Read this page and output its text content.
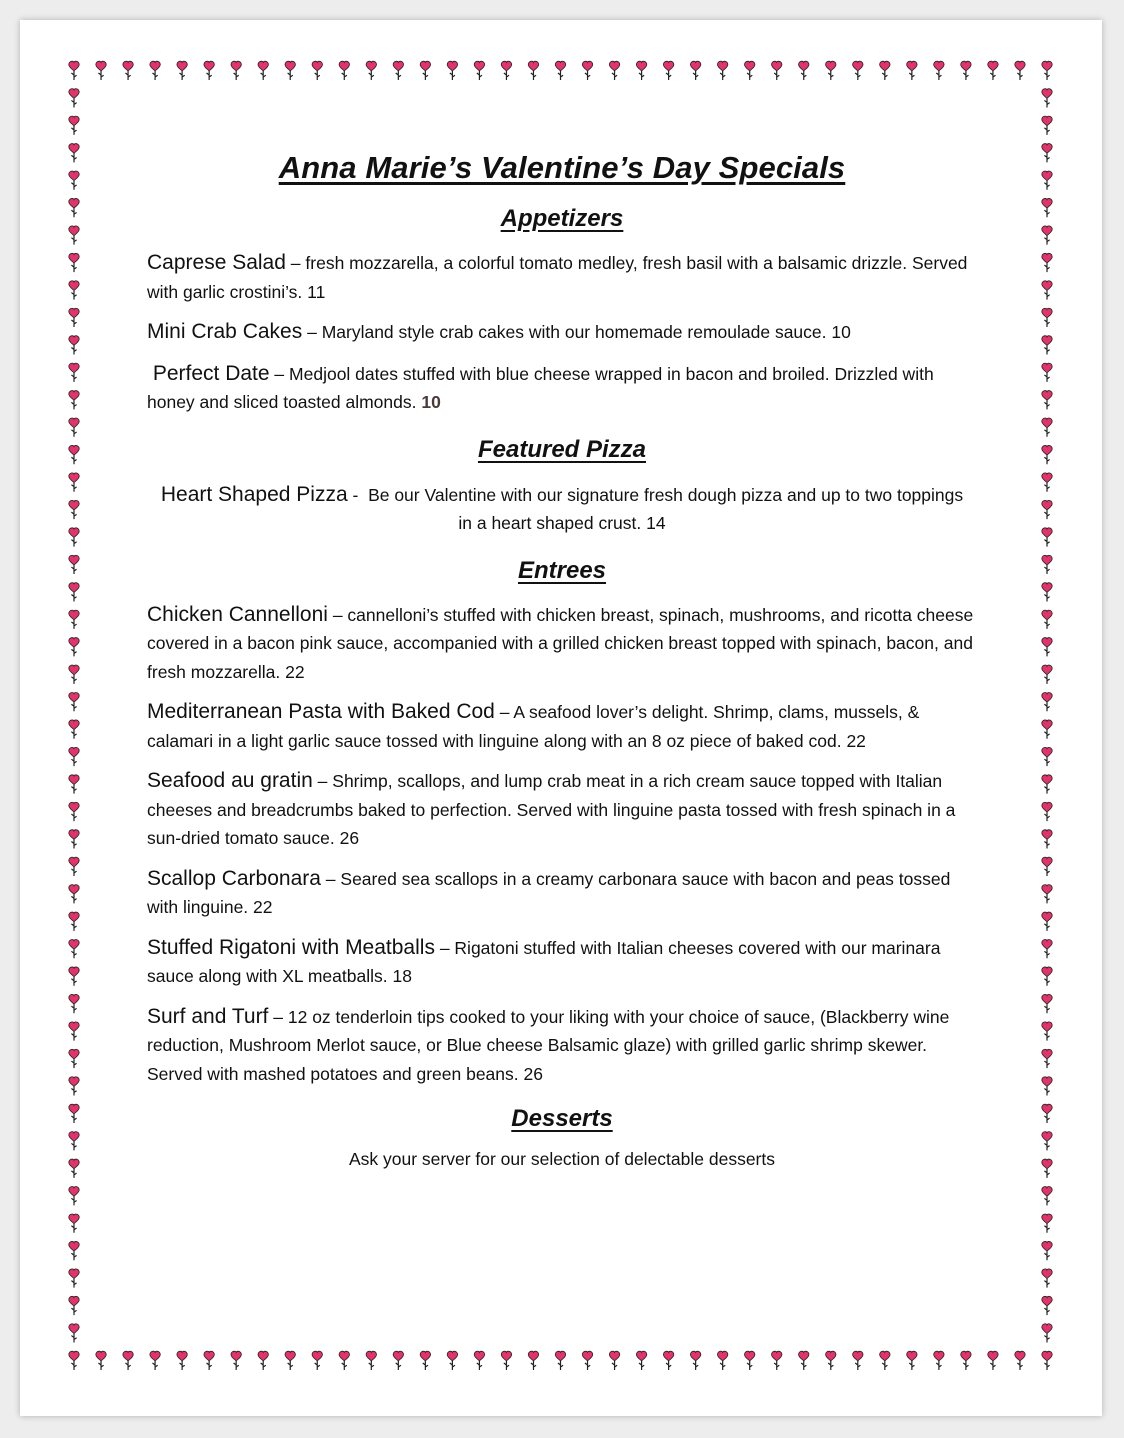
Anna Marie’s Valentine’s Day Specials
Appetizers

Caprese Salad – fresh mozzarella, a colorful tomato medley, fresh basil with a balsamic drizzle. Served with garlic crostini’s. 11

Mini Crab Cakes – Maryland style crab cakes with our homemade remoulade sauce. 10

Perfect Date – Medjool dates stuffed with blue cheese wrapped in bacon and broiled. Drizzled with honey and sliced toasted almonds. 10

Featured Pizza

Heart Shaped Pizza -  Be our Valentine with our signature fresh dough pizza and up to two toppings in a heart shaped crust. 14

Entrees

Chicken Cannelloni – cannelloni’s stuffed with chicken breast, spinach, mushrooms, and ricotta cheese covered in a bacon pink sauce, accompanied with a grilled chicken breast topped with spinach, bacon, and fresh mozzarella. 22

Mediterranean Pasta with Baked Cod – A seafood lover’s delight. Shrimp, clams, mussels, & calamari in a light garlic sauce tossed with linguine along with an 8 oz piece of baked cod. 22

Seafood au gratin – Shrimp, scallops, and lump crab meat in a rich cream sauce topped with Italian cheeses and breadcrumbs baked to perfection. Served with linguine pasta tossed with fresh spinach in a sun-dried tomato sauce. 26

Scallop Carbonara – Seared sea scallops in a creamy carbonara sauce with bacon and peas tossed with linguine. 22

Stuffed Rigatoni with Meatballs – Rigatoni stuffed with Italian cheeses covered with our marinara sauce along with XL meatballs. 18

Surf and Turf – 12 oz tenderloin tips cooked to your liking with your choice of sauce, (Blackberry wine reduction, Mushroom Merlot sauce, or Blue cheese Balsamic glaze) with grilled garlic shrimp skewer. Served with mashed potatoes and green beans. 26

Desserts

Ask your server for our selection of delectable desserts
